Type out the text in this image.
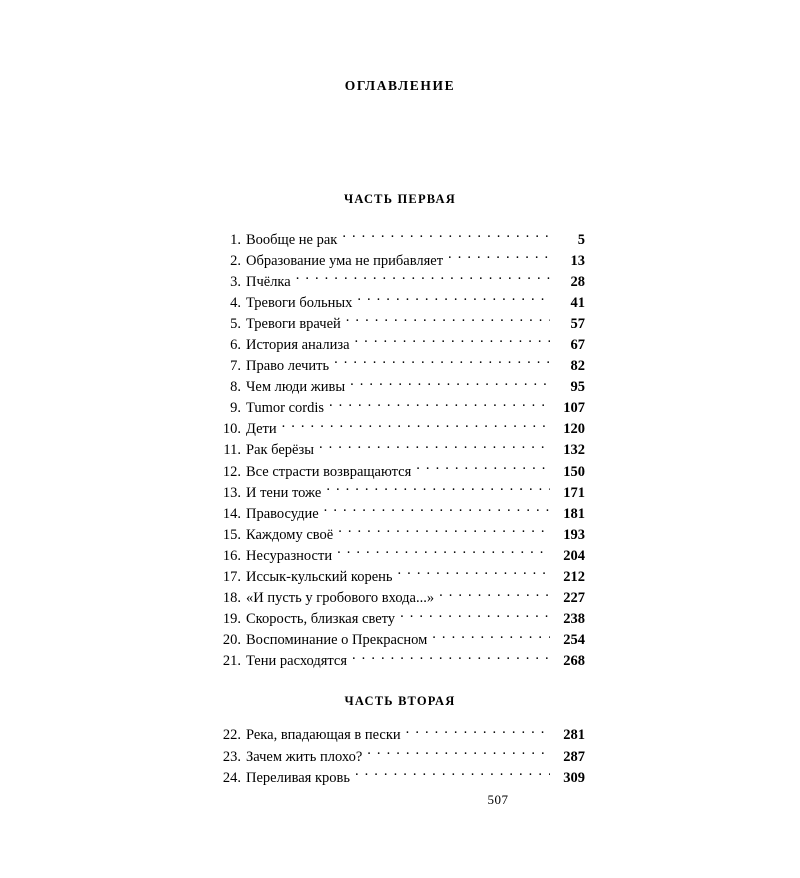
ОГЛАВЛЕНИЕ
ЧАСТЬ ПЕРВАЯ
1. Вообще не рак . . .	5
2. Образование ума не прибавляет . . .	13
3. Пчёлка . . .	28
4. Тревоги больных . . .	41
5. Тревоги врачей . . .	57
6. История анализа . . .	67
7. Право лечить . . .	82
8. Чем люди живы . . .	95
9. Tumor cordis . . .	107
10. Дети . . .	120
11. Рак берёзы . . .	132
12. Все страсти возвращаются . . .	150
13. И тени тоже . . .	171
14. Правосудие . . .	181
15. Каждому своё . . .	193
16. Несуразности . . .	204
17. Иссык-кульский корень . . .	212
18. «И пусть у гробового входа...» . . .	227
19. Скорость, близкая свету . . .	238
20. Воспоминание о Прекрасном . . .	254
21. Тени расходятся . . .	268
ЧАСТЬ ВТОРАЯ
22. Река, впадающая в пески . . .	281
23. Зачем жить плохо? . . .	287
24. Переливая кровь . . .	309
507
